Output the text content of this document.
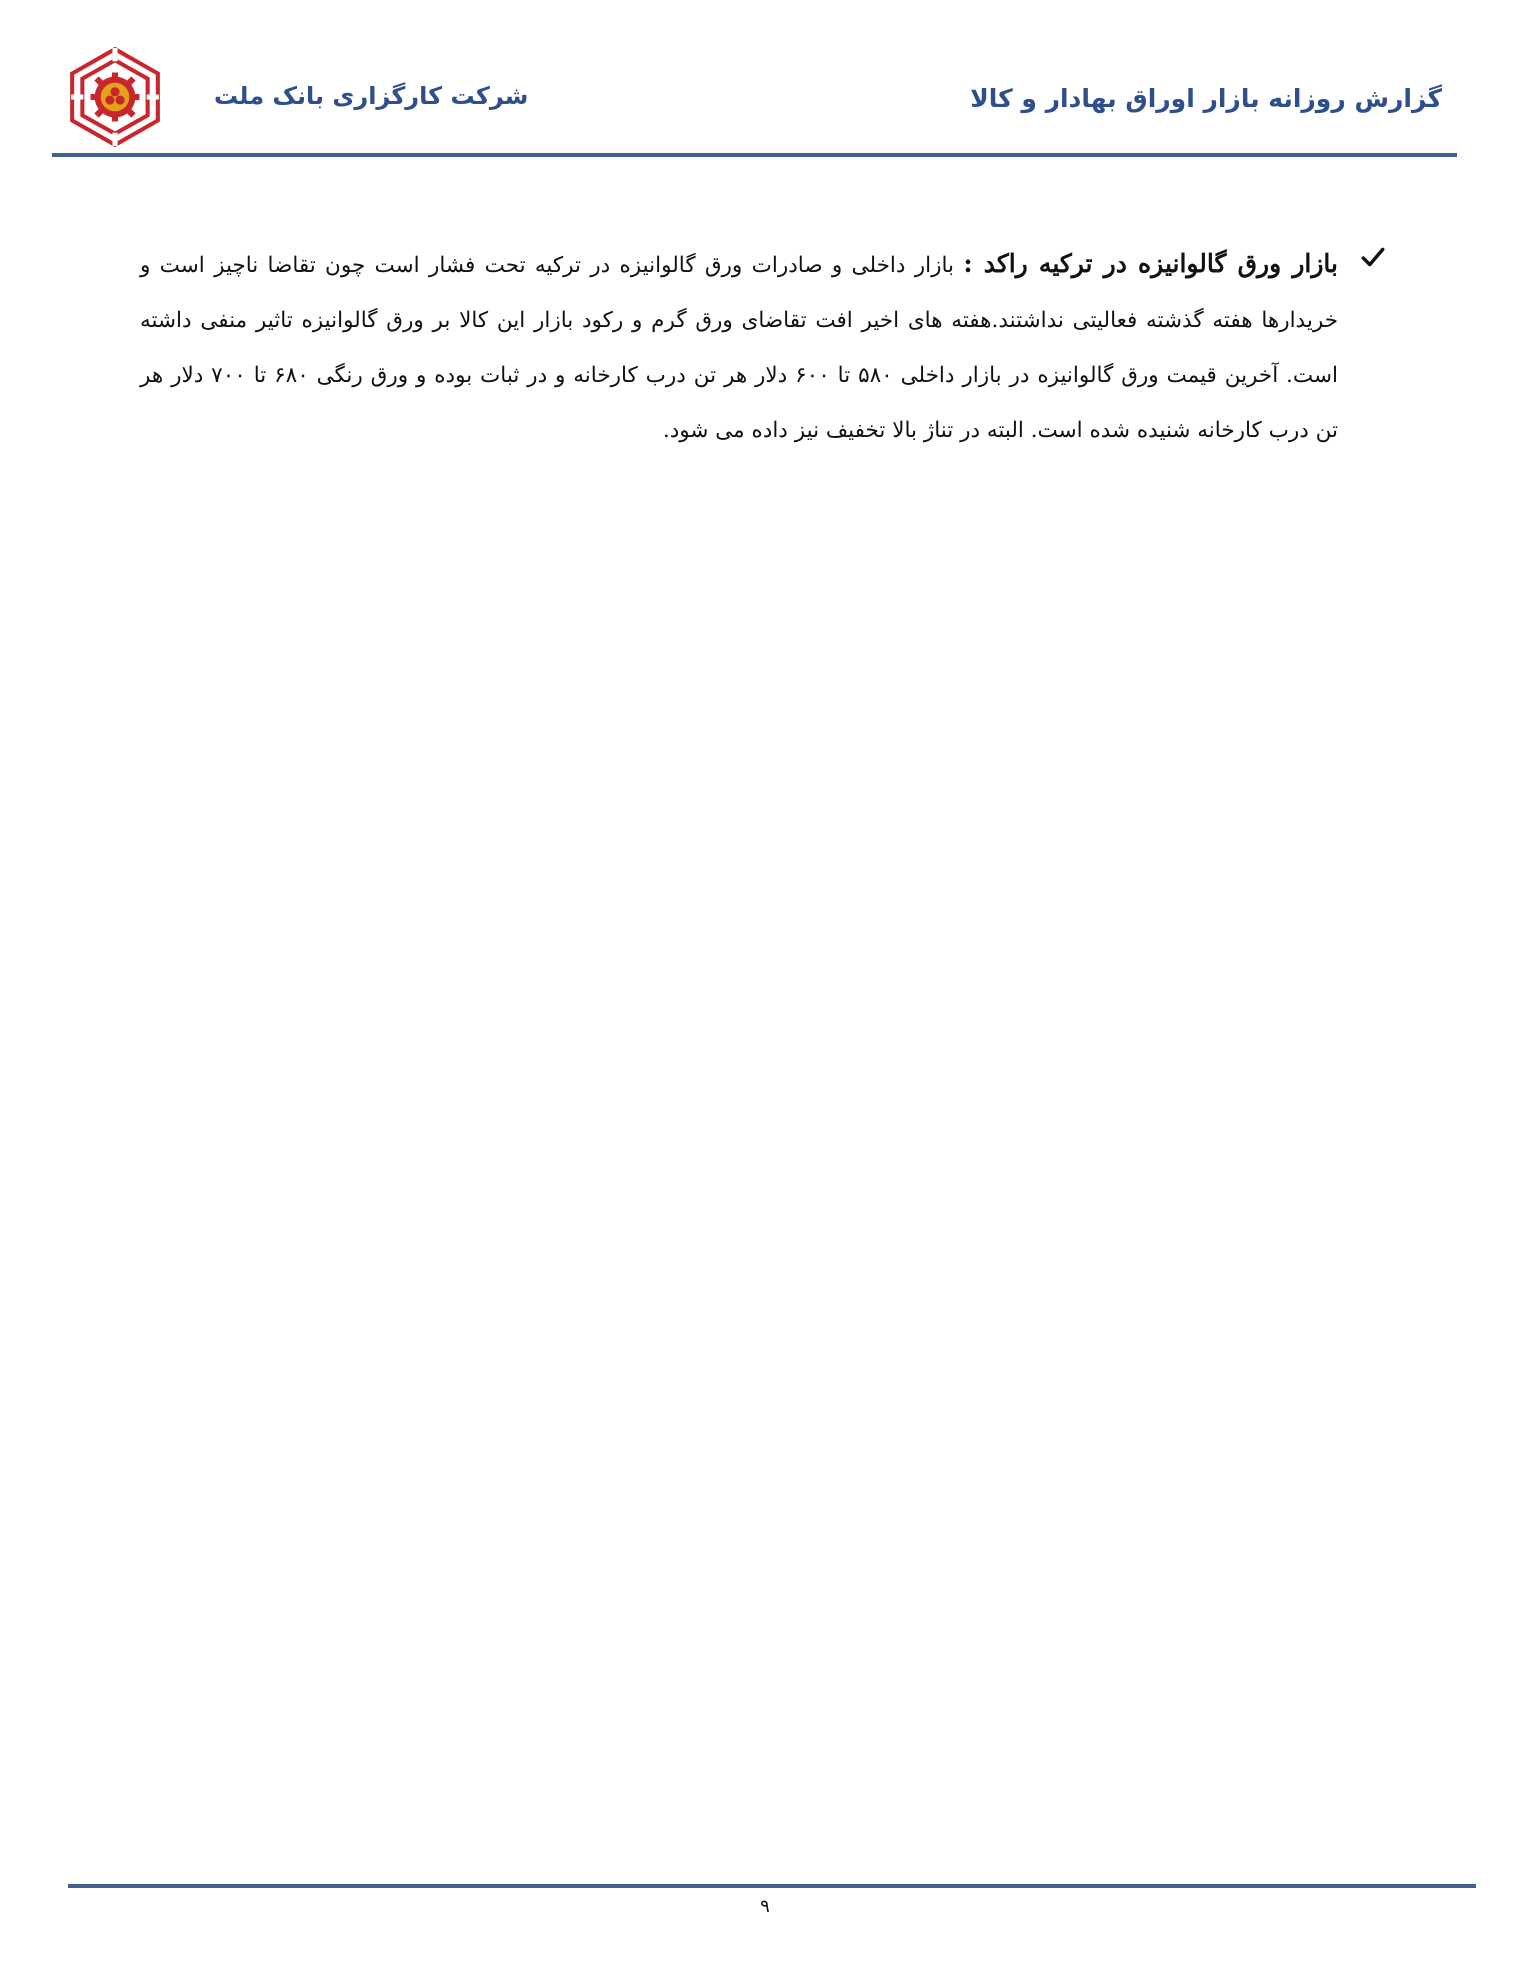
گزارش روزانه بازار اوراق بهادار و کالا
شرکت کارگزاری بانک ملت

بازار ورق گالوانیزه در ترکیه راکد : بازار داخلی و صادرات ورق گالوانیزه در ترکیه تحت فشار است چون تقاضا ناچیز است و خریدارها هفته گذشته فعالیتی نداشتند.هفته های اخیر افت تقاضای ورق گرم و رکود بازار این کالا بر ورق گالوانیزه تاثیر منفی داشته است. آخرین قیمت ورق گالوانیزه در بازار داخلی ۵۸۰ تا ۶۰۰ دلار هر تن درب کارخانه و در ثبات بوده و ورق رنگی ۶۸۰ تا ۷۰۰ دلار هر تن درب کارخانه شنیده شده است. البته در تناژ بالا تخفیف نیز داده می شود.

۹
